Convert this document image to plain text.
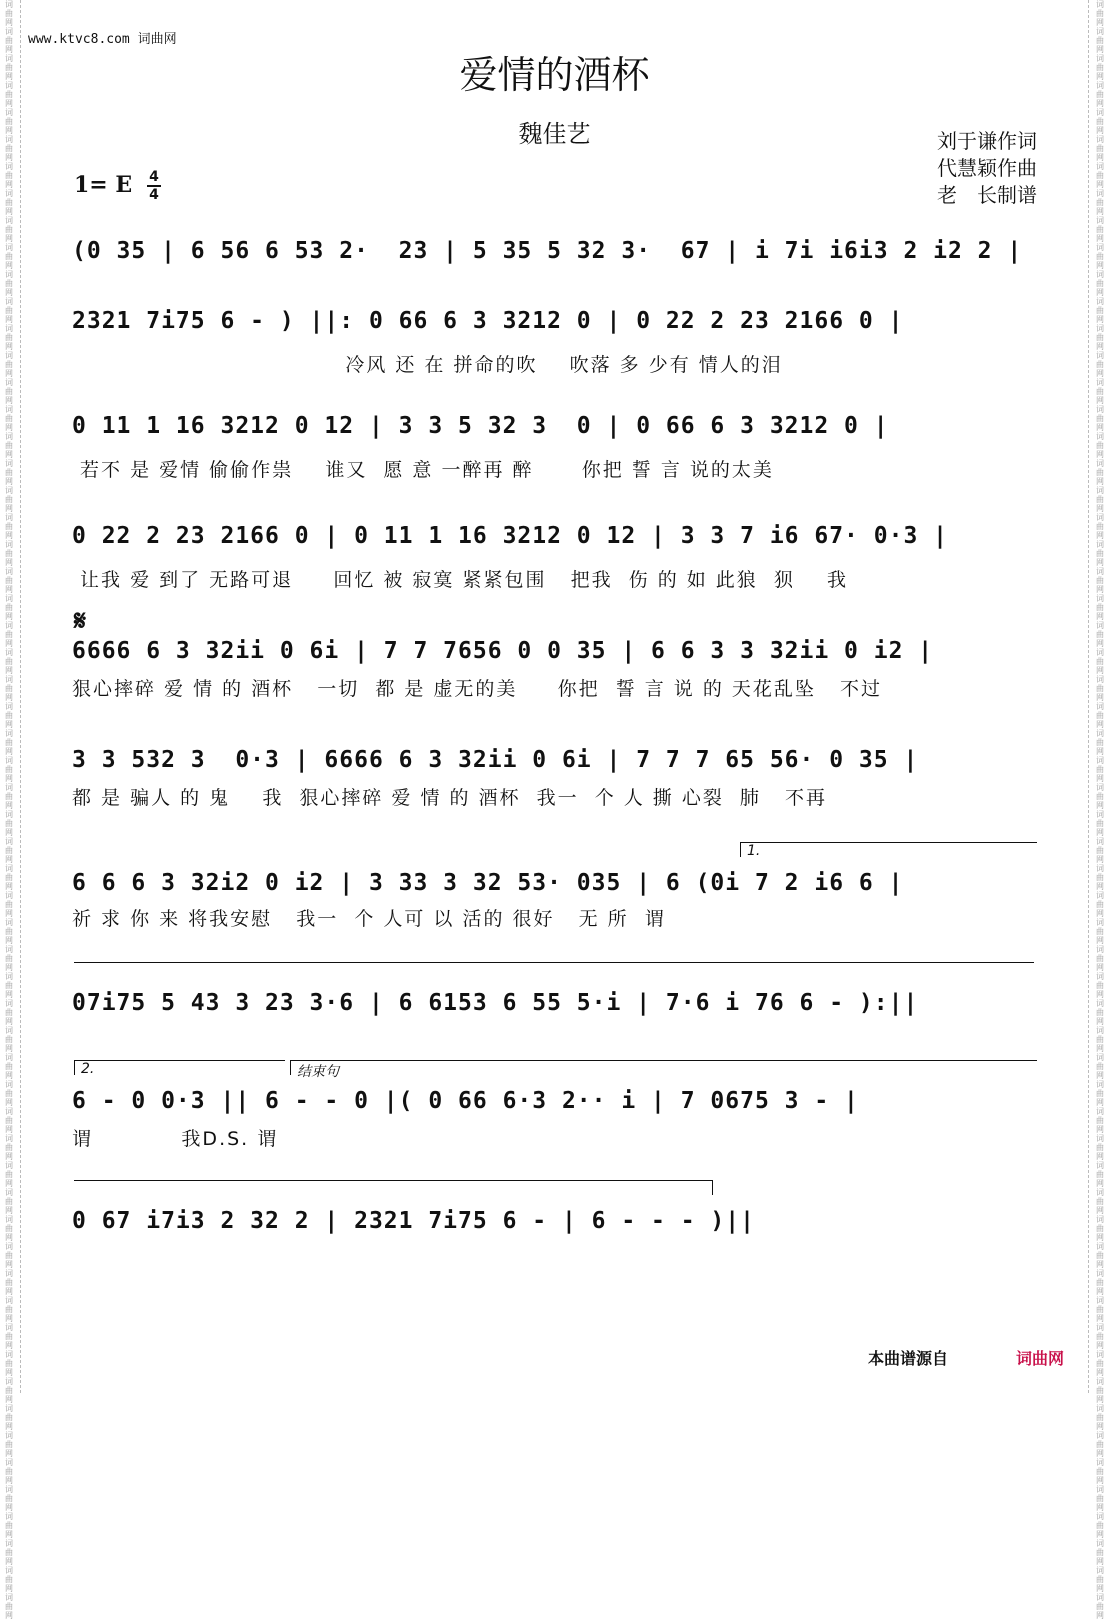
词曲网 词曲网 词曲网 词曲网 词曲网 词曲网 词曲网 词曲网 词曲网 词曲网 词曲网 词曲网 词曲网 词曲网 词曲网 词曲网 词曲网 词曲网 词曲网 词曲网 词曲网 词曲网 词曲网 词曲网 词曲网 词曲网 词曲网 词曲网 词曲网 词曲网 词曲网 词曲网 词曲网 词曲网 词曲网 词曲网 词曲网 词曲网 词曲网 词曲网 词曲网 词曲网 词曲网 词曲网 词曲网 词曲网 词曲网 词曲网 词曲网 词曲网 词曲网 词曲网 词曲网 词曲网 词曲网 词曲网 词曲网 词曲网 词曲网 词曲网
词曲网 词曲网 词曲网 词曲网 词曲网 词曲网 词曲网 词曲网 词曲网 词曲网 词曲网 词曲网 词曲网 词曲网 词曲网 词曲网 词曲网 词曲网 词曲网 词曲网 词曲网 词曲网 词曲网 词曲网 词曲网 词曲网 词曲网 词曲网 词曲网 词曲网 词曲网 词曲网 词曲网 词曲网 词曲网 词曲网 词曲网 词曲网 词曲网 词曲网 词曲网 词曲网 词曲网 词曲网 词曲网 词曲网 词曲网 词曲网 词曲网 词曲网 词曲网 词曲网 词曲网 词曲网 词曲网 词曲网 词曲网 词曲网 词曲网 词曲网
www.ktvc8.com 词曲网
爱情的酒杯
魏佳艺	刘于谦作词
代慧颖作曲
老　长制谱
1= E 4
4
𝄋
1.
2.	结束句
(0 35 | 6 56 6 53 2·  23 | 5 35 5 32 3·  67 | i 7i i6i3 2 i2 2 |
2321 7i75 6 - ) ||: 0 66 6 3 3212 0 | 0 22 2 23 2166 0 |
冷风 还 在 拼命的吹    吹落 多 少有 情人的泪
0 11 1 16 3212 0 12 | 3 3 5 32 3  0 | 0 66 6 3 3212 0 |
若不 是 爱情 偷偷作祟    谁又  愿 意 一醉再 醉      你把 誓 言 说的太美
0 22 2 23 2166 0 | 0 11 1 16 3212 0 12 | 3 3 7 i6 67· 0·3 |
让我 爱 到了 无路可退     回忆 被 寂寞 紧紧包围   把我  伤 的 如 此狼  狈    我
6666 6 3 32ii 0 6i | 7 7 7656 0 0 35 | 6 6 3 3 32ii 0 i2 |
狠心摔碎 爱 情 的 酒杯   一切  都 是 虚无的美     你把  誓 言 说 的 天花乱坠   不过
3 3 532 3  0·3 | 6666 6 3 32ii 0 6i | 7 7 7 65 56· 0 35 |
都 是 骗人 的 鬼    我  狠心摔碎 爱 情 的 酒杯  我一  个 人 撕 心裂  肺   不再
6 6 6 3 32i2 0 i2 | 3 33 3 32 53· 035 | 6 (0i 7 2 i6 6 |
祈 求 你 来 将我安慰   我一  个 人可 以 活的 很好   无 所  谓
07i75 5 43 3 23 3·6 | 6 6153 6 55 5·i | 7·6 i 76 6 - ):||
6 - 0 0·3 || 6 - - 0 |( 0 66 6·3 2·· i | 7 0675 3 - |
谓           我D.S. 谓
0 67 i7i3 2 32 2 | 2321 7i75 6 - | 6 - - - )||
本曲谱源自	词曲网
